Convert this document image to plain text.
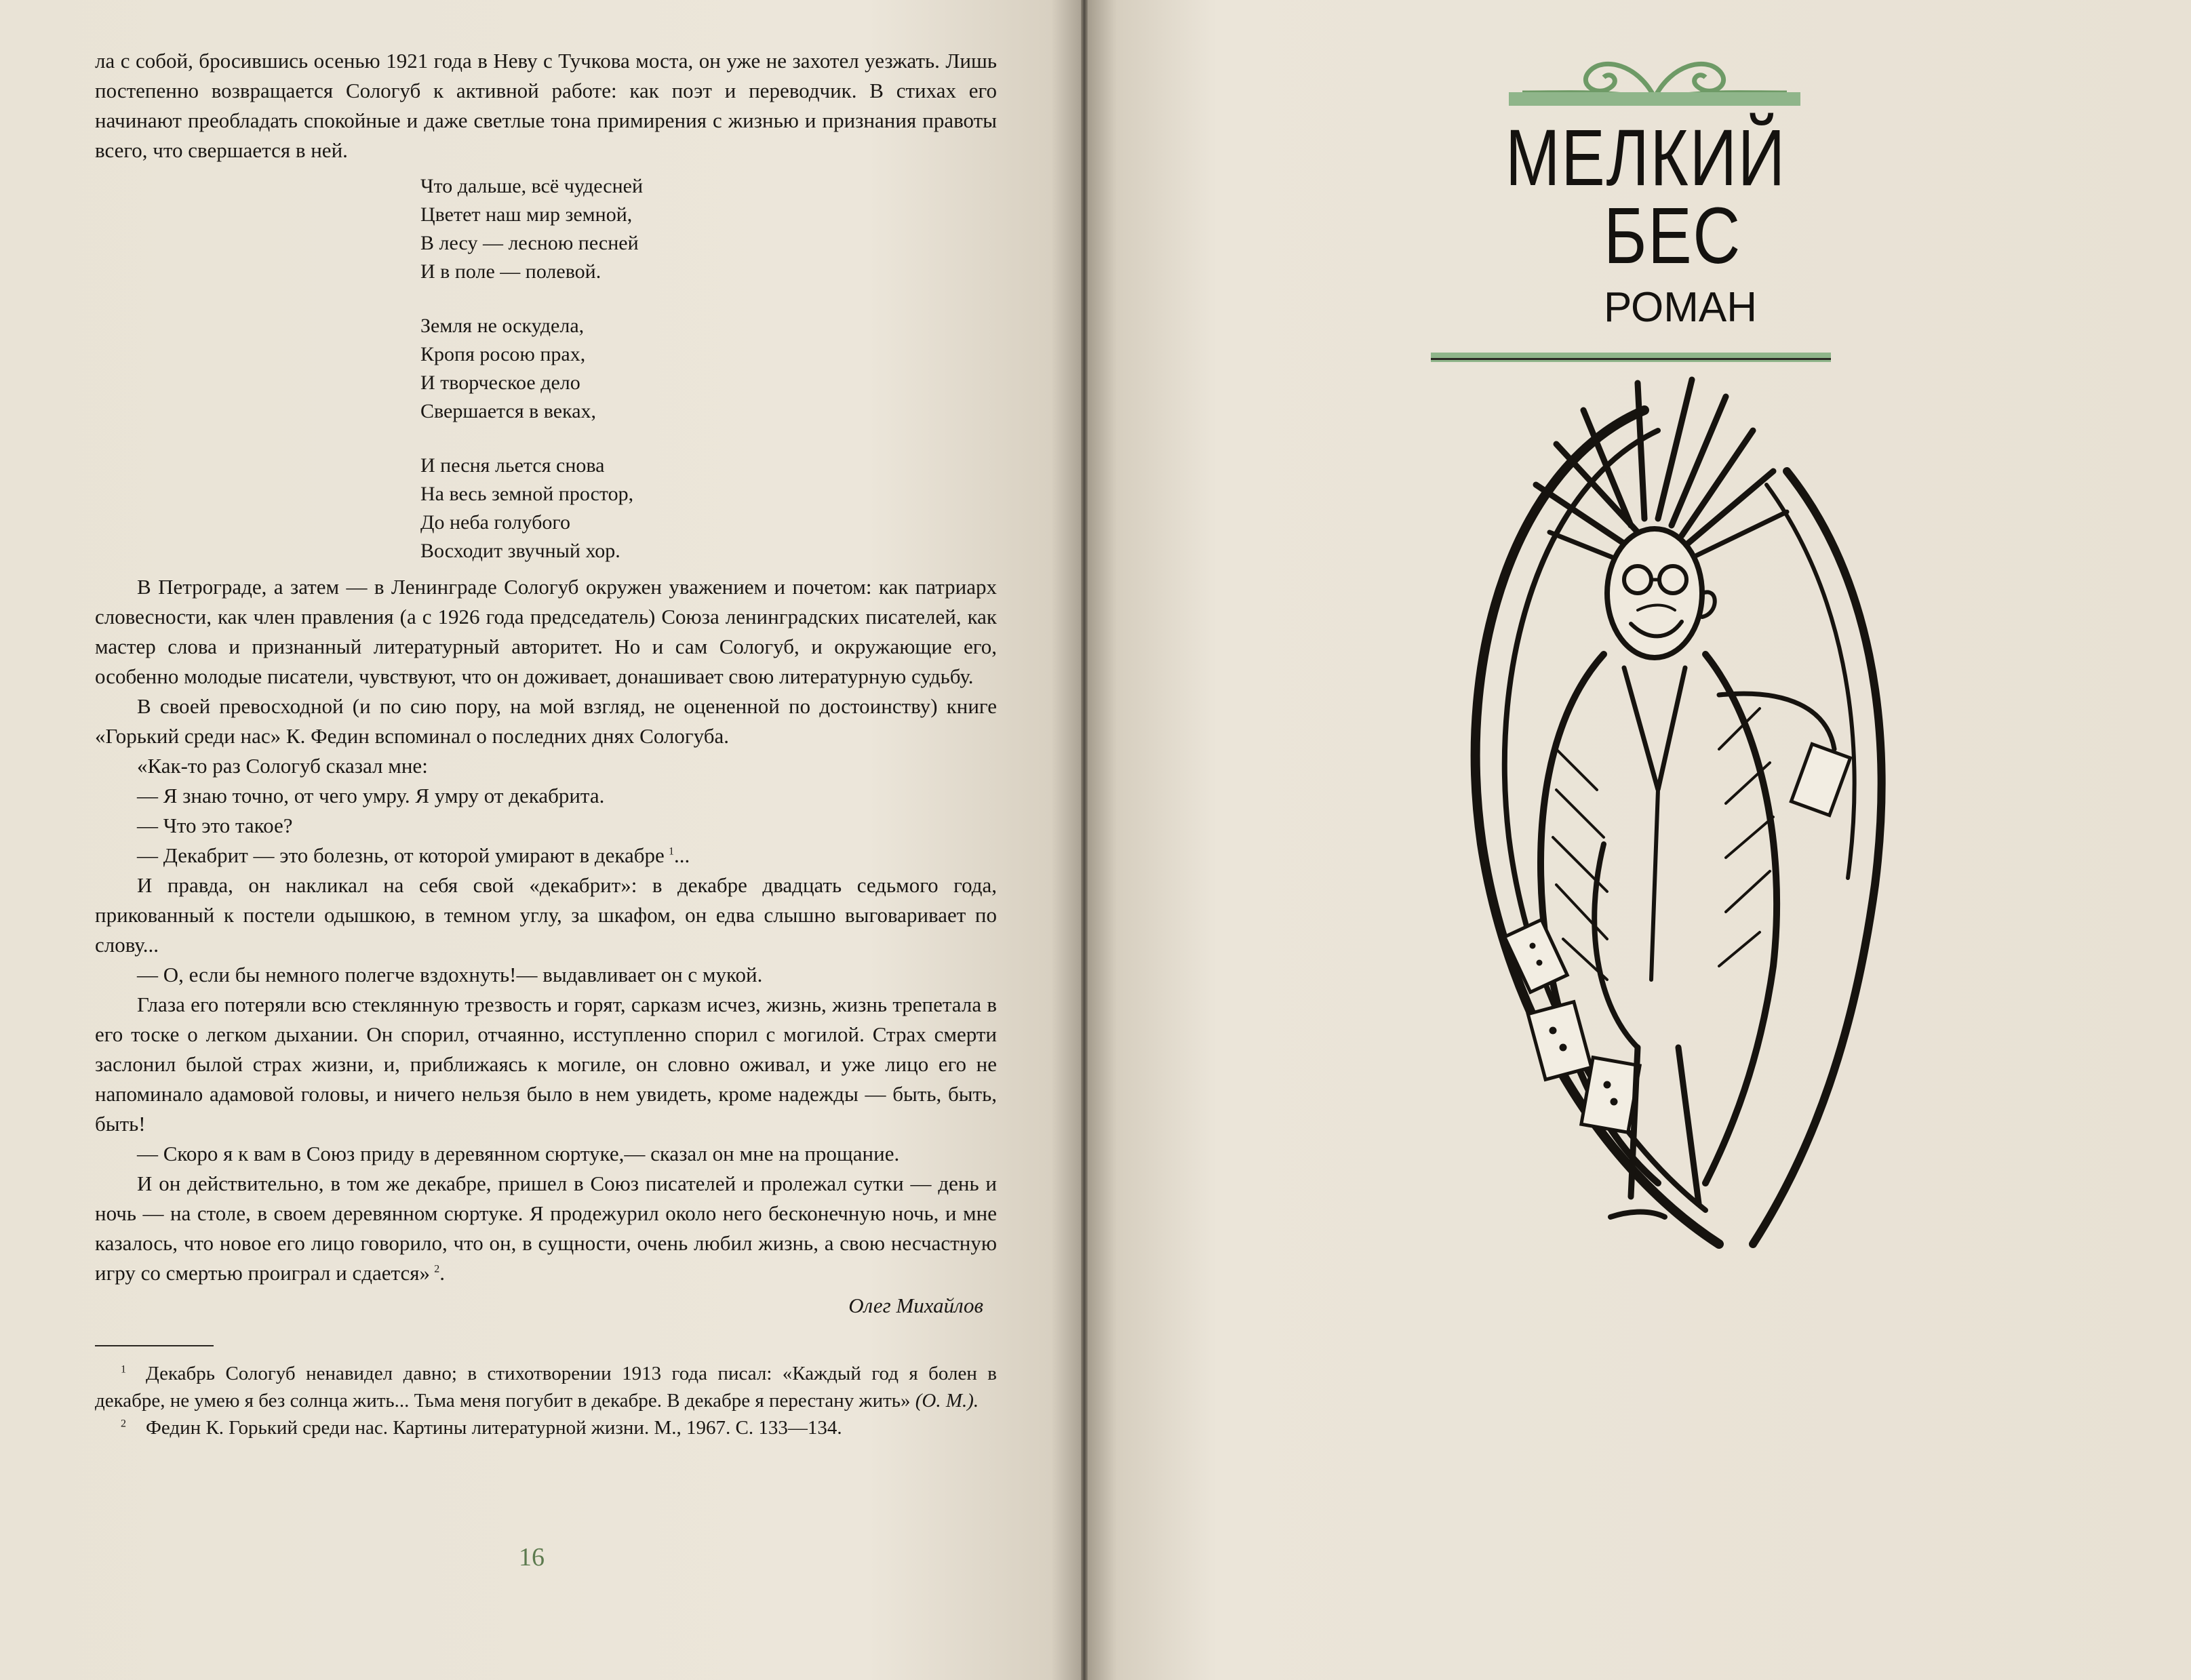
ла с собой, бросившись осенью 1921 года в Неву с Тучкова моста, он уже не захотел уезжать. Лишь постепенно возвращается Сологуб к активной работе: как поэт и переводчик. В стихах его начинают преобладать спокойные и даже светлые тона примирения с жизнью и признания правоты всего, что свершается в ней.

Что дальше, всё чудесней
Цветет наш мир земной,
В лесу — лесною песней
И в поле — полевой.
Земля не оскудела,
Кропя росою прах,
И творческое дело
Свершается в веках,
И песня льется снова
На весь земной простор,
До неба голубого
Восходит звучный хор.

В Петрограде, а затем — в Ленинграде Сологуб окружен уважением и почетом: как патриарх словесности, как член правления (а с 1926 года председатель) Союза ленинградских писателей, как мастер слова и признанный литературный авторитет. Но и сам Сологуб, и окружающие его, особенно молодые писатели, чувствуют, что он доживает, донашивает свою литературную судьбу.

В своей превосходной (и по сию пору, на мой взгляд, не оцененной по достоинству) книге «Горький среди нас» К. Федин вспоминал о последних днях Сологуба.

«Как-то раз Сологуб сказал мне:

— Я знаю точно, от чего умру. Я умру от декабрита.

— Что это такое?

— Декабрит — это болезнь, от которой умирают в декабре  $^1$...

И правда, он накликал на себя свой «декабрит»: в декабре двадцать седьмого года, прикованный к постели одышкою, в темном углу, за шкафом, он едва слышно выговаривает по слову...

— О, если бы немного полегче вздохнуть!— выдавливает он с мукой.

Глаза его потеряли всю стеклянную трезвость и горят, сарказм исчез, жизнь, жизнь трепетала в его тоске о легком дыхании. Он спорил, отчаянно, исступленно спорил с могилой. Страх смерти заслонил былой страх жизни, и, приближаясь к могиле, он словно оживал, и уже лицо его не напоминало адамовой головы, и ничего нельзя было в нем увидеть, кроме надежды — быть, быть, быть!

— Скоро я к вам в Союз приду в деревянном сюртуке,— сказал он мне на прощание.

И он действительно, в том же декабре, пришел в Союз писателей и пролежал сутки — день и ночь — на столе, в своем деревянном сюртуке. Я продежурил около него бесконечную ночь, и мне казалось, что новое его лицо говорило, что он, в сущности, очень любил жизнь, а свою несчастную игру со смертью проиграл и сдается»  $^2$.

Олег Михайлов

$^1$  Декабрь Сологуб ненавидел давно; в стихотворении 1913 года писал: «Каждый год я болен в декабре, не умею я без солнца жить... Тьма меня погубит в декабре. В декабре я перестану жить» (О. М.).

$^2$  Федин К. Горький среди нас. Картины литературной жизни. М., 1967. С. 133—134.

16
МЕЛКИЙ
БЕС
РОМАН
